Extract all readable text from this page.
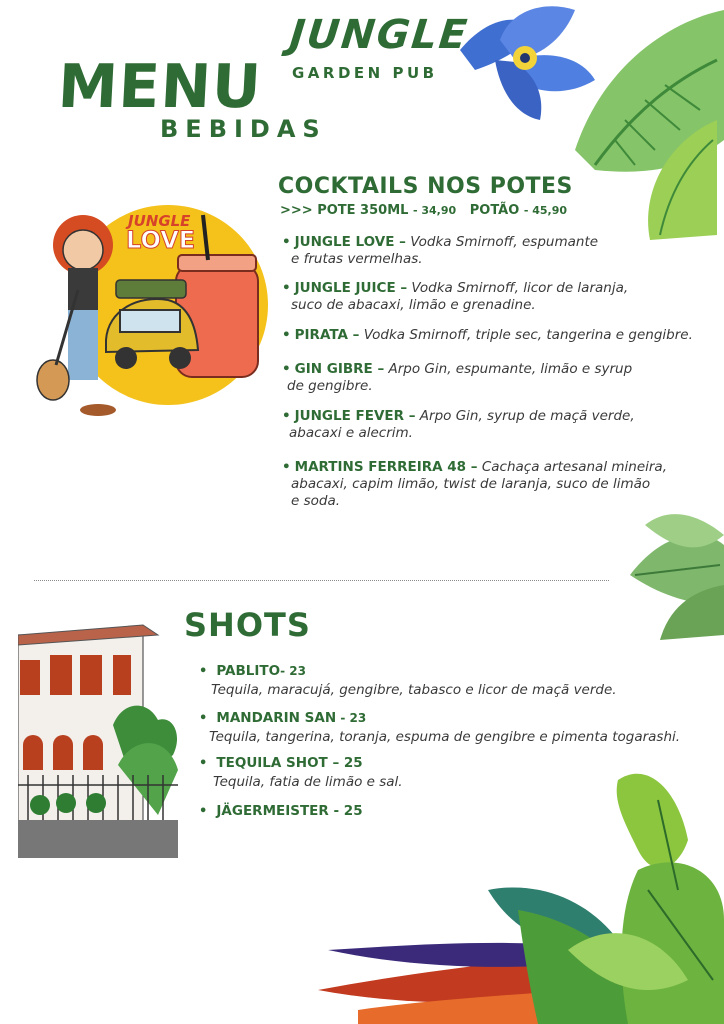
JUNGLE
GARDEN PUB
MENU
BEBIDAS
JUNGLE
LOVE
COCKTAILS NOS POTES
>>> POTE 350ML - 34,90 POTÃO - 45,90
• JUNGLE LOVE – Vodka Smirnoff, espumante
e frutas vermelhas.
• JUNGLE JUICE – Vodka Smirnoff, licor de laranja,
suco de abacaxi, limão e grenadine.
• PIRATA – Vodka Smirnoff, triple sec, tangerina e gengibre.
• GIN GIBRE – Arpo Gin, espumante, limão e syrup
de gengibre.
• JUNGLE FEVER – Arpo Gin, syrup de maçã verde,
abacaxi e alecrim.
• MARTINS FERREIRA 48 – Cachaça artesanal mineira,
abacaxi, capim limão, twist de laranja, suco de limão
e soda.
SHOTS
• PABLITO- 23
Tequila, maracujá, gengibre, tabasco e licor de maçã verde.
• MANDARIN SAN - 23
Tequila, tangerina, toranja, espuma de gengibre e pimenta togarashi.
• TEQUILA SHOT – 25
Tequila, fatia de limão e sal.
• JÄGERMEISTER - 25
